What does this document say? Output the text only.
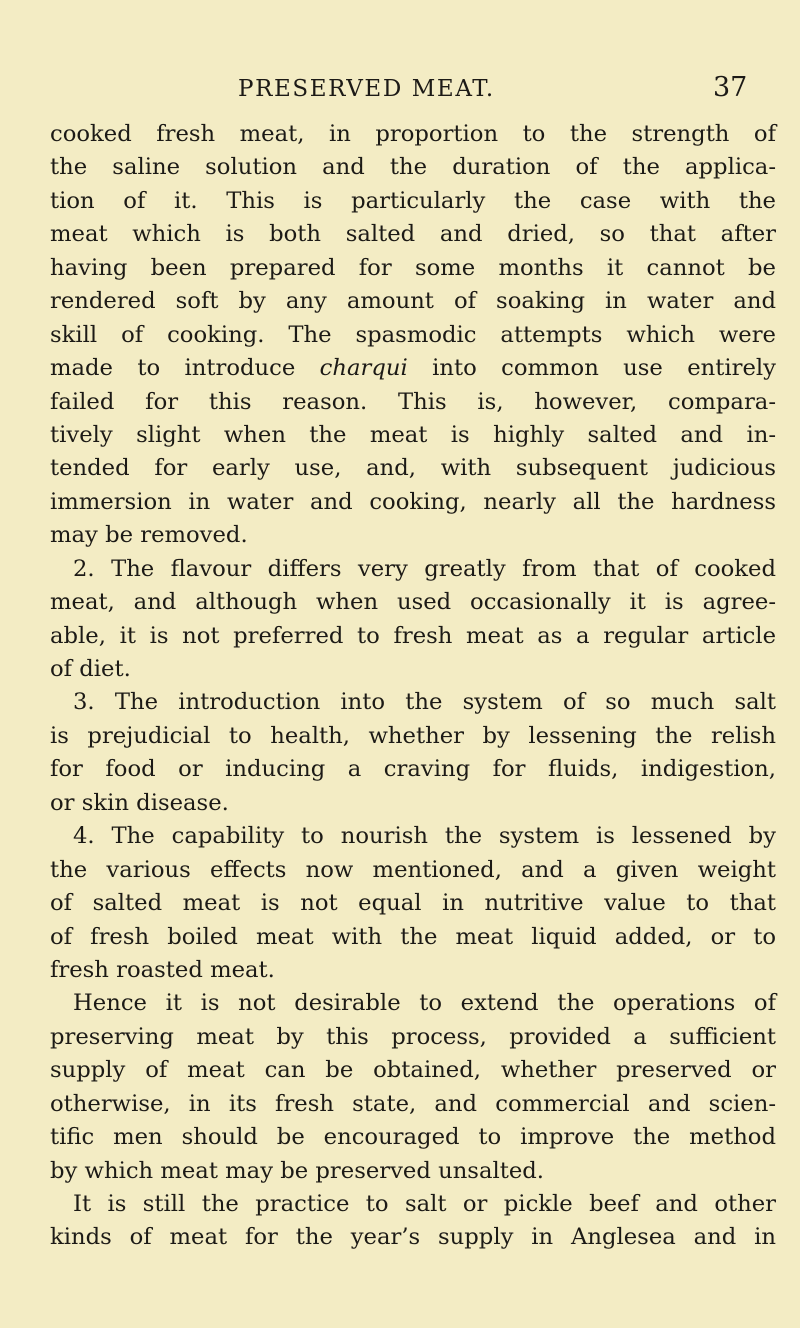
PRESERVED MEAT.	37
cooked fresh meat, in proportion to the strength of
the saline solution and the duration of the applica-
tion of it. This is particularly the case with the
meat which is both salted and dried, so that after
having been prepared for some months it cannot be
rendered soft by any amount of soaking in water and
skill of cooking. The spasmodic attempts which were
made to introduce charqui into common use entirely
failed for this reason. This is, however, compara-
tively slight when the meat is highly salted and in-
tended for early use, and, with subsequent judicious
immersion in water and cooking, nearly all the hardness
may be removed.
2. The flavour differs very greatly from that of cooked
meat, and although when used occasionally it is agree-
able, it is not preferred to fresh meat as a regular article
of diet.
3. The introduction into the system of so much salt
is prejudicial to health, whether by lessening the relish
for food or inducing a craving for fluids, indigestion,
or skin disease.
4. The capability to nourish the system is lessened by
the various effects now mentioned, and a given weight
of salted meat is not equal in nutritive value to that
of fresh boiled meat with the meat liquid added, or to
fresh roasted meat.
Hence it is not desirable to extend the operations of
preserving meat by this process, provided a sufficient
supply of meat can be obtained, whether preserved or
otherwise, in its fresh state, and commercial and scien-
tific men should be encouraged to improve the method
by which meat may be preserved unsalted.
It is still the practice to salt or pickle beef and other
kinds of meat for the year’s supply in Anglesea and in
